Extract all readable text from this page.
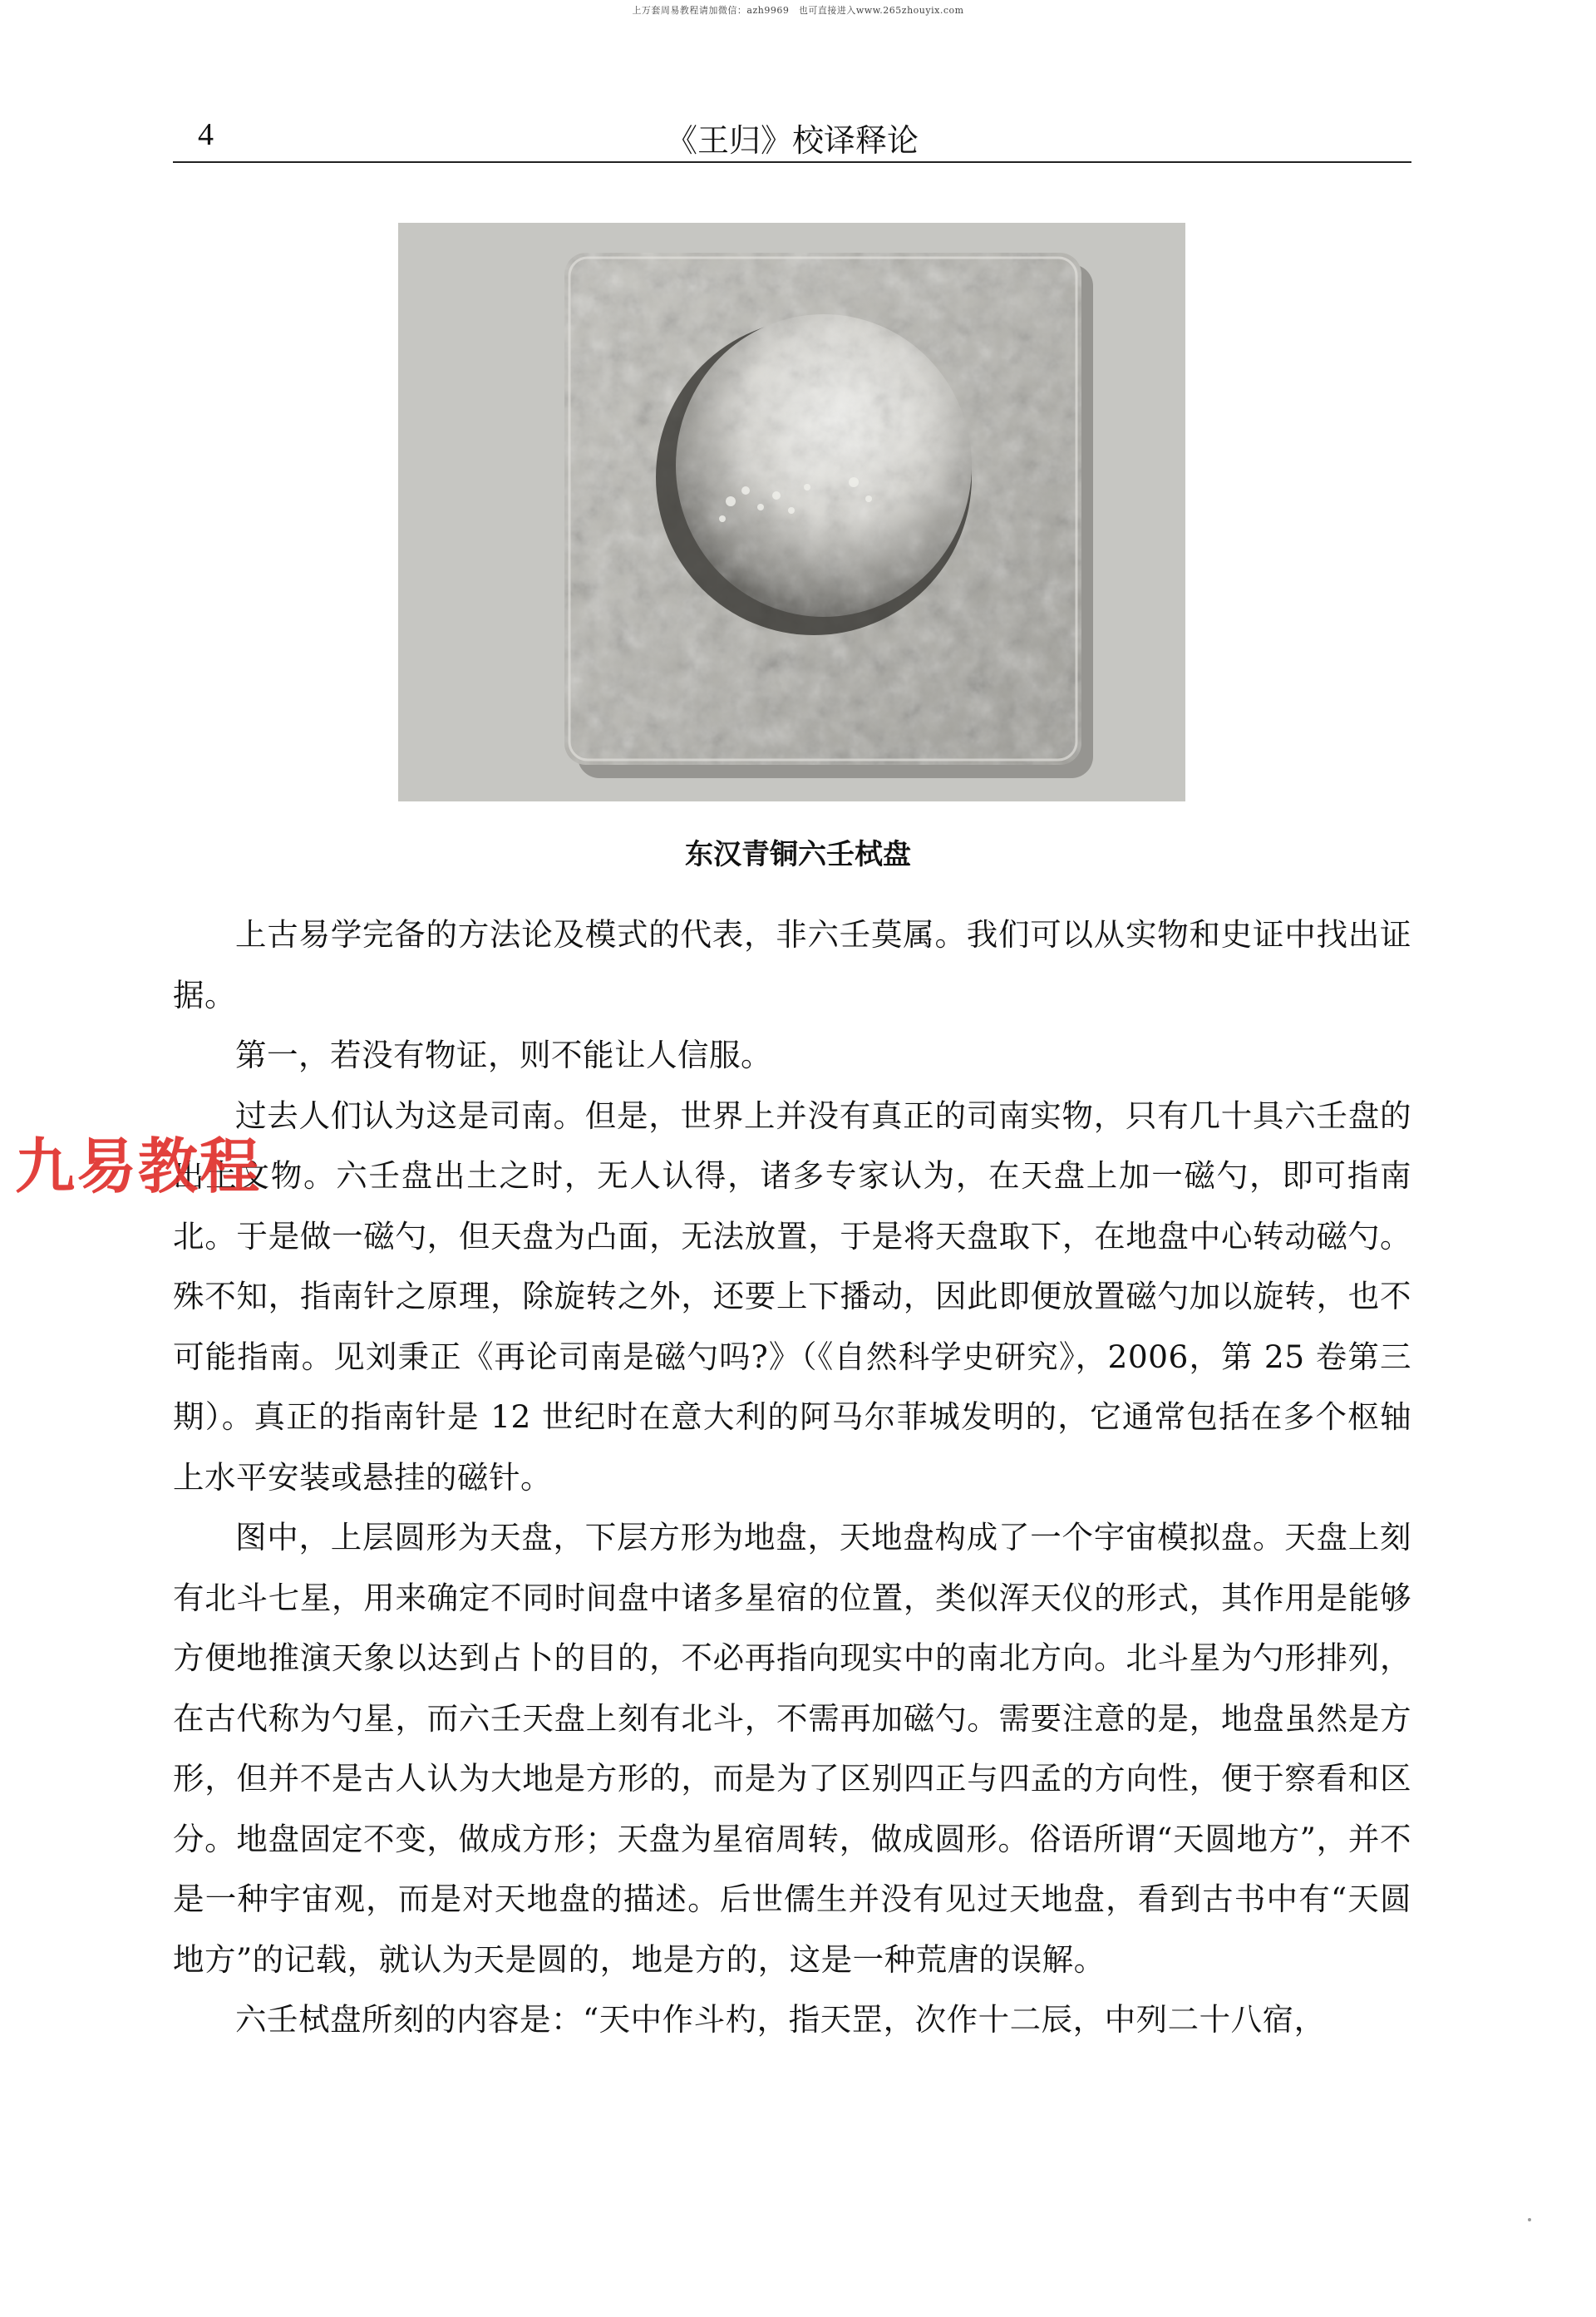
上万套周易教程请加微信：azh9969　也可直接进入www.265zhouyix.com
4	《王归》校译释论
东汉青铜六壬栻盘

上古易学完备的方法论及模式的代表，非六壬莫属。我们可以从实物和史证中找出证据。

第一，若没有物证，则不能让人信服。

过去人们认为这是司南。但是，世界上并没有真正的司南实物，只有几十具六壬盘的出土文物。六壬盘出土之时，无人认得，诸多专家认为，在天盘上加一磁勺，即可指南北。于是做一磁勺，但天盘为凸面，无法放置，于是将天盘取下，在地盘中心转动磁勺。殊不知，指南针之原理，除旋转之外，还要上下播动，因此即便放置磁勺加以旋转，也不可能指南。见刘秉正《再论司南是磁勺吗?》（《自然科学史研究》，2006，第 25 卷第三期）。真正的指南针是 12 世纪时在意大利的阿马尔菲城发明的，它通常包括在多个枢轴上水平安装或悬挂的磁针。

图中，上层圆形为天盘，下层方形为地盘，天地盘构成了一个宇宙模拟盘。天盘上刻有北斗七星，用来确定不同时间盘中诸多星宿的位置，类似浑天仪的形式，其作用是能够方便地推演天象以达到占卜的目的，不必再指向现实中的南北方向。北斗星为勺形排列，在古代称为勺星，而六壬天盘上刻有北斗，不需再加磁勺。需要注意的是，地盘虽然是方形，但并不是古人认为大地是方形的，而是为了区别四正与四孟的方向性，便于察看和区分。地盘固定不变，做成方形；天盘为星宿周转，做成圆形。俗语所谓“天圆地方”，并不是一种宇宙观，而是对天地盘的描述。后世儒生并没有见过天地盘，看到古书中有“天圆地方”的记载，就认为天是圆的，地是方的，这是一种荒唐的误解。

六壬栻盘所刻的内容是：“天中作斗杓，指天罡，次作十二辰，中列二十八宿，

九易教程
